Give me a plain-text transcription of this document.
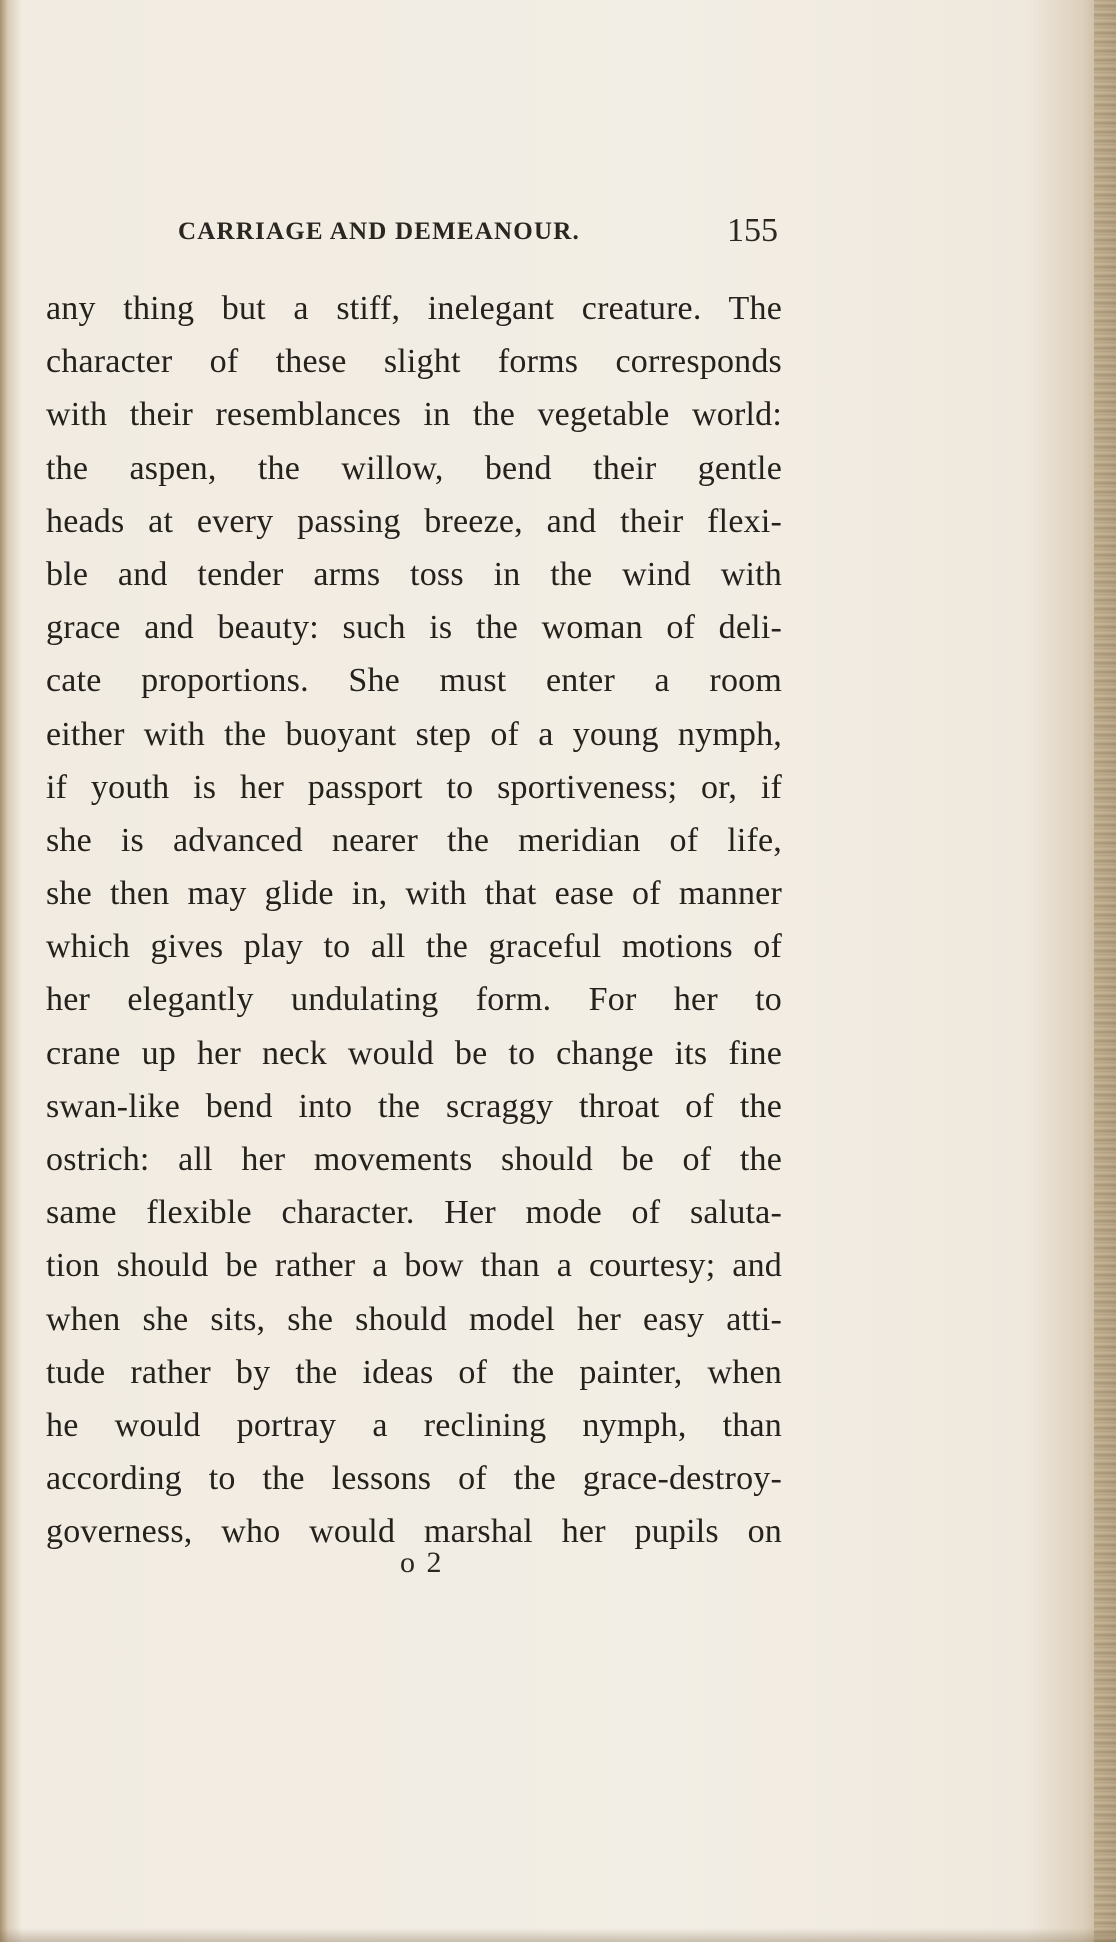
CARRIAGE AND DEMEANOUR.	155
any thing but a stiff, inelegant creature. The
character of these slight forms corresponds
with their resemblances in the vegetable world:
the aspen, the willow, bend their gentle
heads at every passing breeze, and their flexi-
ble and tender arms toss in the wind with
grace and beauty: such is the woman of deli-
cate proportions. She must enter a room
either with the buoyant step of a young nymph,
if youth is her passport to sportiveness; or, if
she is advanced nearer the meridian of life,
she then may glide in, with that ease of manner
which gives play to all the graceful motions of
her elegantly undulating form. For her to
crane up her neck would be to change its fine
swan-like bend into the scraggy throat of the
ostrich: all her movements should be of the
same flexible character. Her mode of saluta-
tion should be rather a bow than a courtesy; and
when she sits, she should model her easy atti-
tude rather by the ideas of the painter, when
he would portray a reclining nymph, than
according to the lessons of the grace-destroy-
governess, who would marshal her pupils on
o 2
